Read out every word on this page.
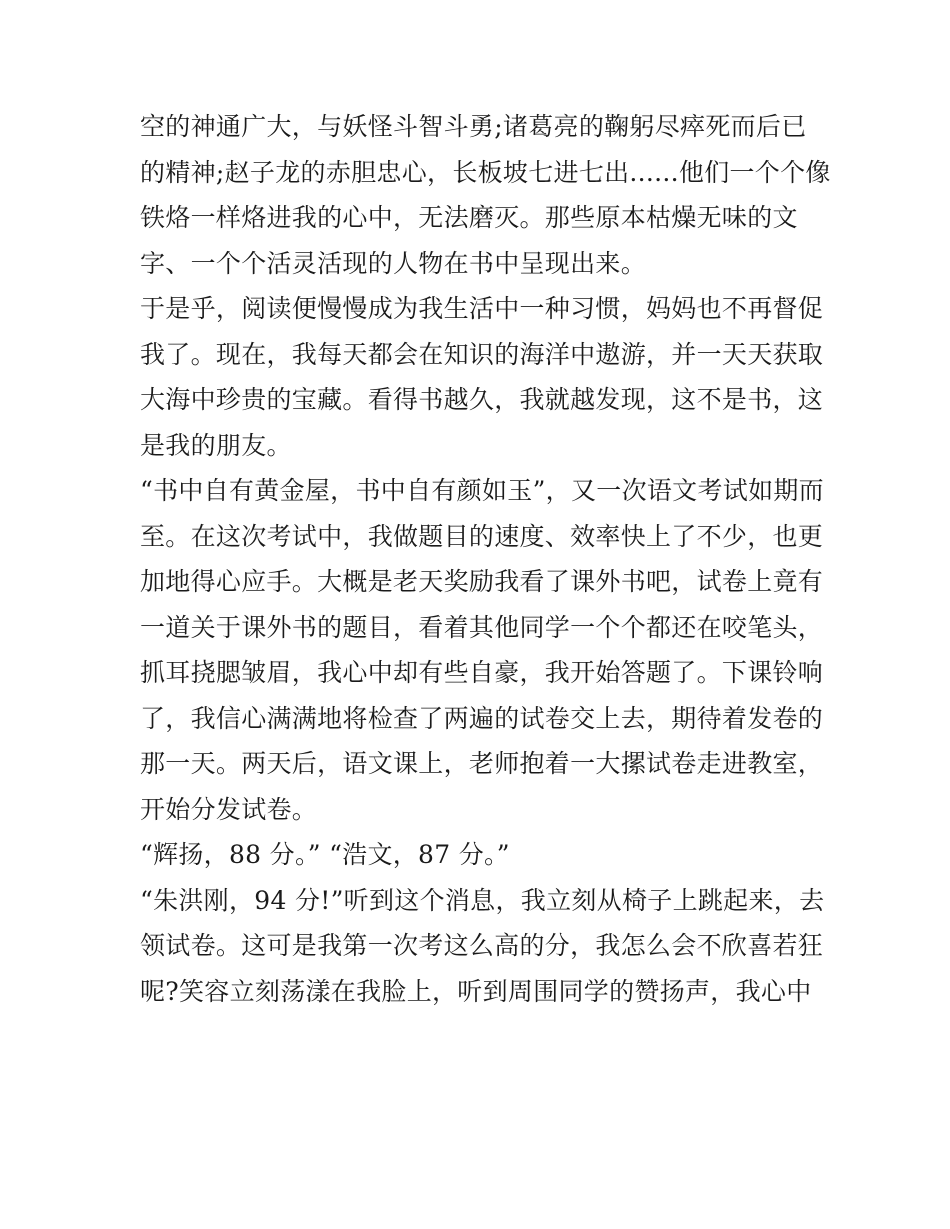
空的神通广大，与妖怪斗智斗勇;诸葛亮的鞠躬尽瘁死而后已
的精神;赵子龙的赤胆忠心，长板坡七进七出......他们一个个像
铁烙一样烙进我的心中，无法磨灭。那些原本枯燥无味的文
字、一个个活灵活现的人物在书中呈现出来。
于是乎，阅读便慢慢成为我生活中一种习惯，妈妈也不再督促
我了。现在，我每天都会在知识的海洋中遨游，并一天天获取
大海中珍贵的宝藏。看得书越久，我就越发现，这不是书，这
是我的朋友。
“书中自有黄金屋，书中自有颜如玉”，又一次语文考试如期而
至。在这次考试中，我做题目的速度、效率快上了不少，也更
加地得心应手。大概是老天奖励我看了课外书吧，试卷上竟有
一道关于课外书的题目，看着其他同学一个个都还在咬笔头，
抓耳挠腮皱眉，我心中却有些自豪，我开始答题了。下课铃响
了，我信心满满地将检查了两遍的试卷交上去，期待着发卷的
那一天。两天后，语文课上，老师抱着一大摞试卷走进教室，
开始分发试卷。
“辉扬，88 分。” “浩文，87 分。”
“朱洪刚，94 分!”听到这个消息，我立刻从椅子上跳起来，去
领试卷。这可是我第一次考这么高的分，我怎么会不欣喜若狂
呢?笑容立刻荡漾在我脸上，听到周围同学的赞扬声，我心中
